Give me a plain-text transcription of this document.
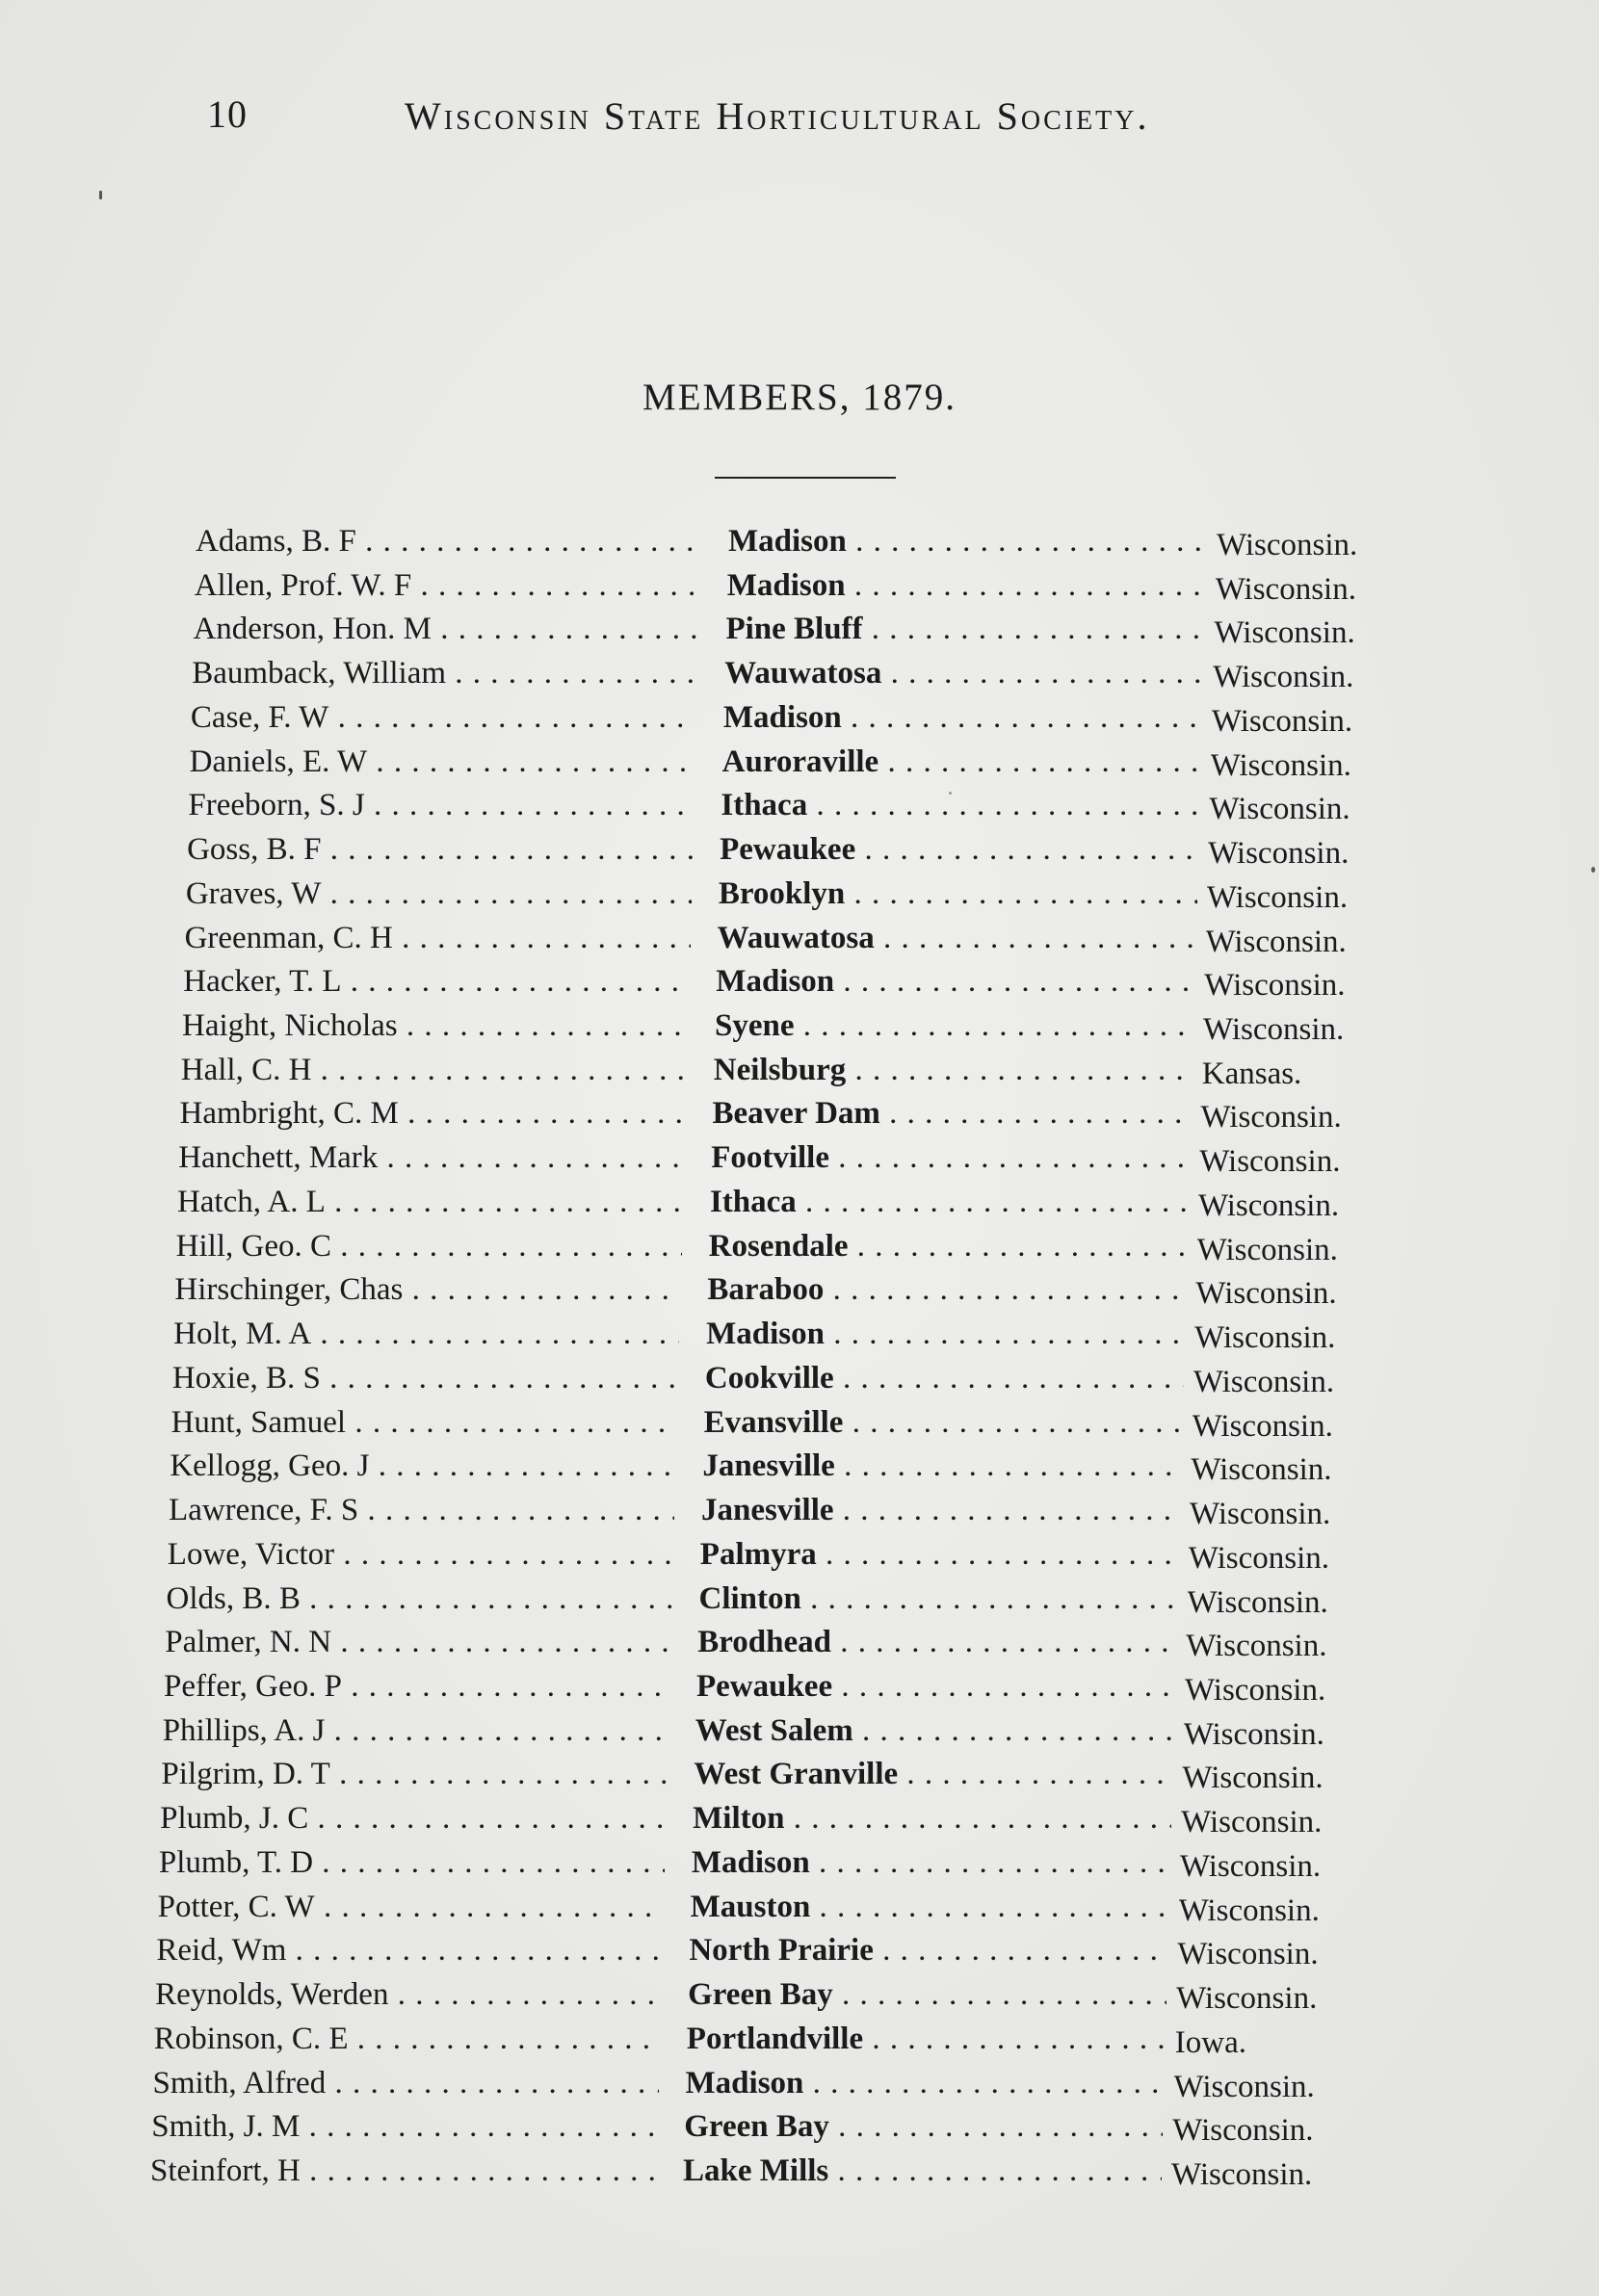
10	Wisconsin State Horticultural Society.
MEMBERS, 1879.
Adams, B. F . . .	Madison . . .	Wisconsin.
Allen, Prof. W. F . . .	Madison . . .	Wisconsin.
Anderson, Hon. M . . .	Pine Bluff . . .	Wisconsin.
Baumback, William . . .	Wauwatosa . . .	Wisconsin.
Case, F. W . . .	Madison . . .	Wisconsin.
Daniels, E. W . . .	Auroraville . . .	Wisconsin.
Freeborn, S. J . . .	Ithaca . . .	Wisconsin.
Goss, B. F . . .	Pewaukee . . .	Wisconsin.
Graves, W . . .	Brooklyn . . .	Wisconsin.
Greenman, C. H . . .	Wauwatosa . . .	Wisconsin.
Hacker, T. L . . .	Madison . . .	Wisconsin.
Haight, Nicholas . . .	Syene . . .	Wisconsin.
Hall, C. H . . .	Neilsburg . . .	Kansas.
Hambright, C. M . . .	Beaver Dam . . .	Wisconsin.
Hanchett, Mark . . .	Footville . . .	Wisconsin.
Hatch, A. L . . .	Ithaca . . .	Wisconsin.
Hill, Geo. C . . .	Rosendale . . .	Wisconsin.
Hirschinger, Chas . . .	Baraboo . . .	Wisconsin.
Holt, M. A . . .	Madison . . .	Wisconsin.
Hoxie, B. S . . .	Cookville . . .	Wisconsin.
Hunt, Samuel . . .	Evansville . . .	Wisconsin.
Kellogg, Geo. J . . .	Janesville . . .	Wisconsin.
Lawrence, F. S . . .	Janesville . . .	Wisconsin.
Lowe, Victor . . .	Palmyra . . .	Wisconsin.
Olds, B. B . . .	Clinton . . .	Wisconsin.
Palmer, N. N . . .	Brodhead . . .	Wisconsin.
Peffer, Geo. P . . .	Pewaukee . . .	Wisconsin.
Phillips, A. J . . .	West Salem . . .	Wisconsin.
Pilgrim, D. T . . .	West Granville . . .	Wisconsin.
Plumb, J. C . . .	Milton . . .	Wisconsin.
Plumb, T. D . . .	Madison . . .	Wisconsin.
Potter, C. W . . .	Mauston . . .	Wisconsin.
Reid, Wm . . .	North Prairie . . .	Wisconsin.
Reynolds, Werden . . .	Green Bay . . .	Wisconsin.
Robinson, C. E . . .	Portlandville . . .	Iowa.
Smith, Alfred . . .	Madison . . .	Wisconsin.
Smith, J. M . . .	Green Bay . . .	Wisconsin.
Steinfort, H . . .	Lake Mills . . .	Wisconsin.
